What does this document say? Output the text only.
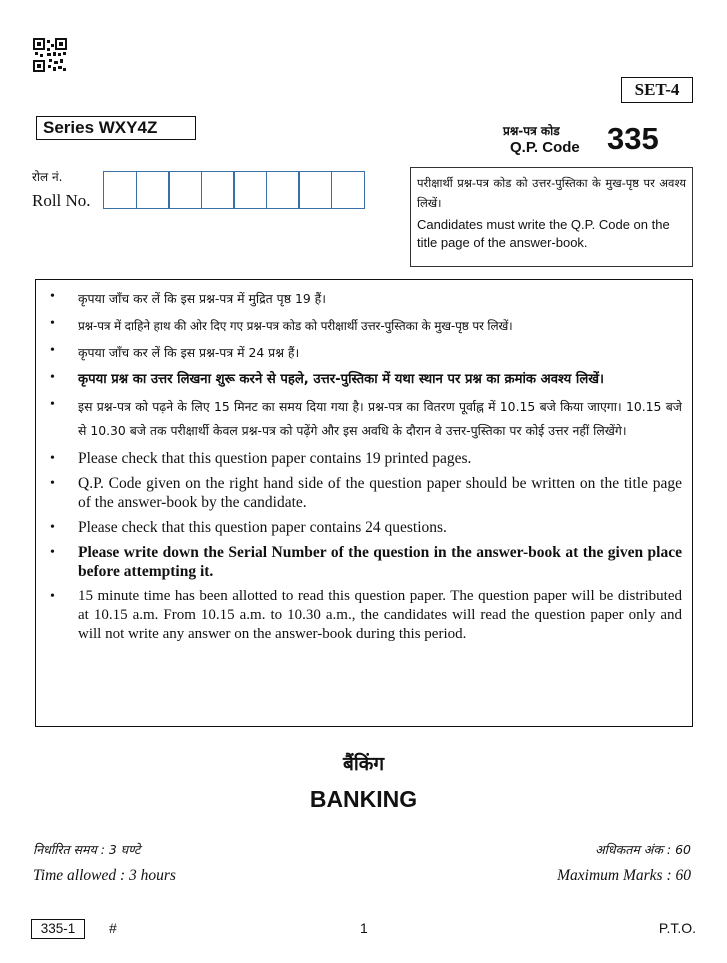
SET-4
Series WXY4Z	प्रश्न-पत्र कोड
Q.P. Code 335
रोल नं.
Roll No.
परीक्षार्थी प्रश्न-पत्र कोड को उत्तर-पुस्तिका के मुख-पृष्ठ पर अवश्य लिखें।
Candidates must write the Q.P. Code on the title page of the answer-book.
•	कृपया जाँच कर लें कि इस प्रश्न-पत्र में मुद्रित पृष्ठ 19 हैं।
•	प्रश्न-पत्र में दाहिने हाथ की ओर दिए गए प्रश्न-पत्र कोड को परीक्षार्थी उत्तर-पुस्तिका के मुख-पृष्ठ पर लिखें।
•	कृपया जाँच कर लें कि इस प्रश्न-पत्र में 24 प्रश्न हैं।
•	कृपया प्रश्न का उत्तर लिखना शुरू करने से पहले, उत्तर-पुस्तिका में यथा स्थान पर प्रश्न का क्रमांक अवश्य लिखें।
•	इस प्रश्न-पत्र को पढ़ने के लिए 15 मिनट का समय दिया गया है। प्रश्न-पत्र का वितरण पूर्वाह्न में 10.15 बजे किया जाएगा। 10.15 बजे से 10.30 बजे तक परीक्षार्थी केवल प्रश्न-पत्र को पढ़ेंगे और इस अवधि के दौरान वे उत्तर-पुस्तिका पर कोई उत्तर नहीं लिखेंगे।
•	Please check that this question paper contains 19 printed pages.
•	Q.P. Code given on the right hand side of the question paper should be written on the title page of the answer-book by the candidate.
•	Please check that this question paper contains 24 questions.
•	Please write down the Serial Number of the question in the answer-book at the given place before attempting it.
•	15 minute time has been allotted to read this question paper. The question paper will be distributed at 10.15 a.m. From 10.15 a.m. to 10.30 a.m., the candidates will read the question paper only and will not write any answer on the answer-book during this period.
बैंकिंग
BANKING
निर्धारित समय : 3 घण्टे
Time allowed : 3 hours
अधिकतम अंक : 60
Maximum Marks : 60
335-1	#	1	P.T.O.
